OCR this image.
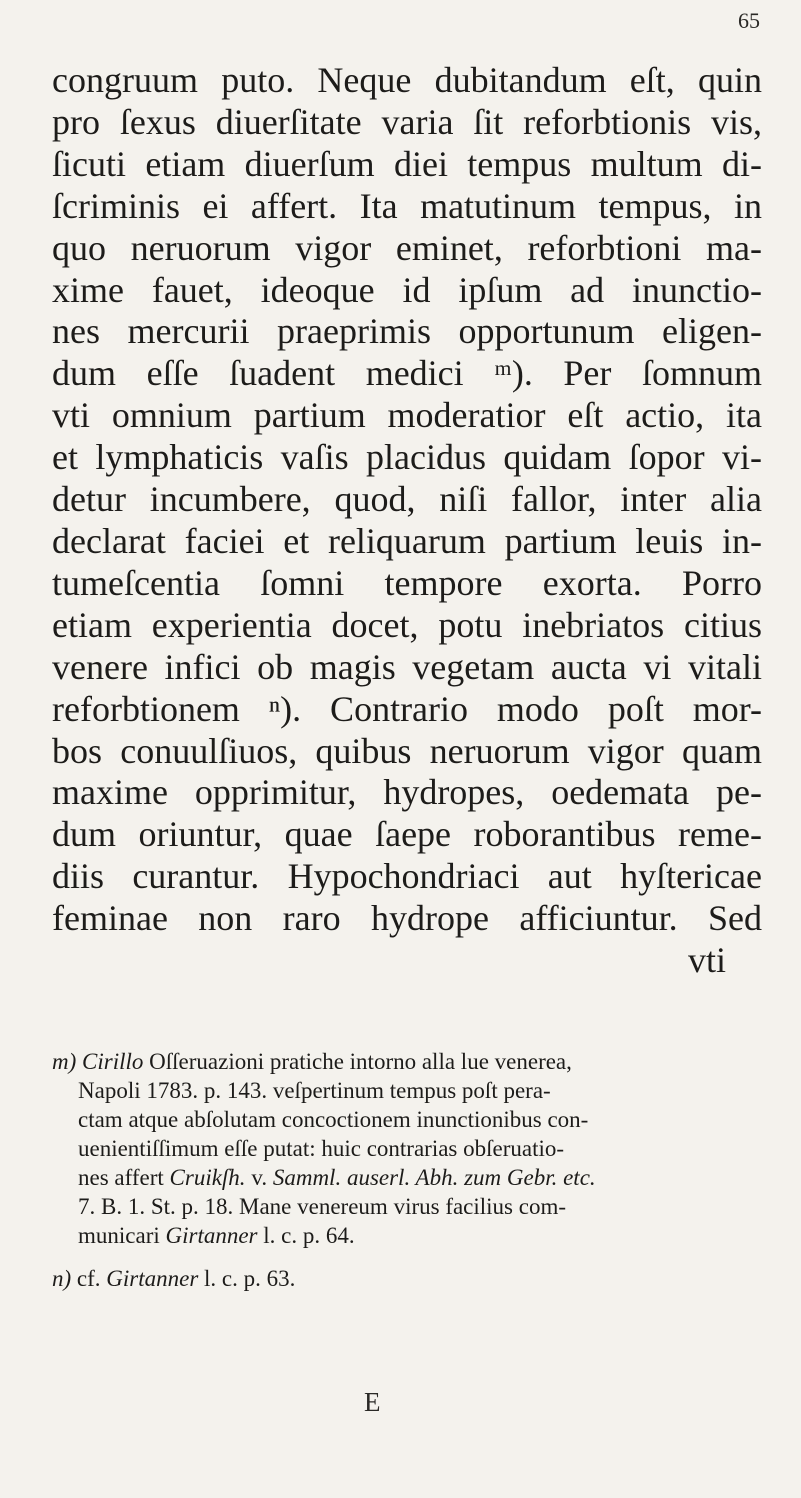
65
congruum puto. Neque dubitandum eſt, quin
pro ſexus diuerſitate varia ſit reforbtionis vis,
ſicuti etiam diuerſum diei tempus multum di-
ſcriminis ei affert. Ita matutinum tempus, in
quo neruorum vigor eminet, reforbtioni ma-
xime fauet, ideoque id ipſum ad inunctio-
nes mercurii praeprimis opportunum eligen-
dum eſſe ſuadent medici ᵐ). Per ſomnum
vti omnium partium moderatior eſt actio, ita
et lymphaticis vaſis placidus quidam ſopor vi-
detur incumbere, quod, niſi fallor, inter alia
declarat faciei et reliquarum partium leuis in-
tumeſcentia ſomni tempore exorta. Porro
etiam experientia docet, potu inebriatos citius
venere infici ob magis vegetam aucta vi vitali
reforbtionem ⁿ). Contrario modo poſt mor-
bos conuulſiuos, quibus neruorum vigor quam
maxime opprimitur, hydropes, oedemata pe-
dum oriuntur, quae ſaepe roborantibus reme-
diis curantur. Hypochondriaci aut hyſtericae
feminae non raro hydrope afficiuntur. Sed
vti
m) Cirillo Oſſeruazioni pratiche intorno alla lue venerea,
Napoli 1783. p. 143. veſpertinum tempus poſt pera-
ctam atque abſolutam concoctionem inunctionibus con-
uenientiſſimum eſſe putat: huic contrarias obſeruatio-
nes affert Cruikſh. v. Samml. auserl. Abh. zum Gebr. etc.
7. B. 1. St. p. 18. Mane venereum virus facilius com-
municari Girtanner l. c. p. 64.
n) cf. Girtanner l. c. p. 63.
E
